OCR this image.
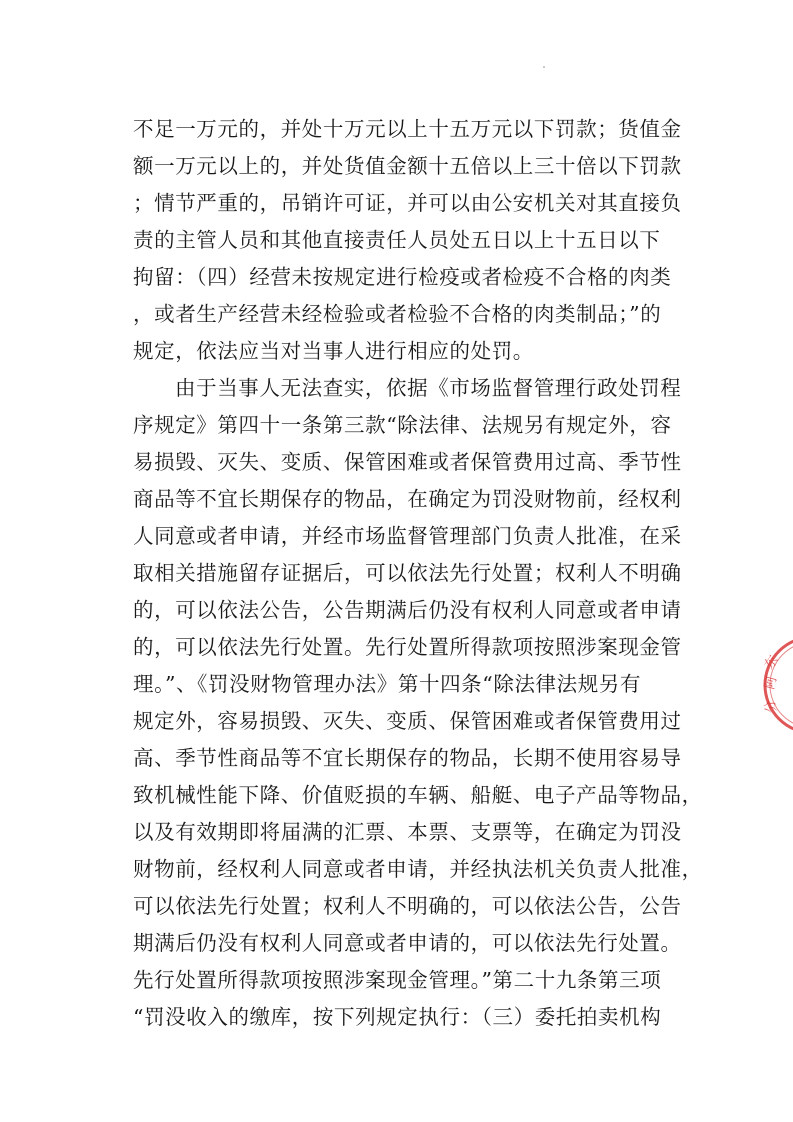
不足一万元的，并处十万元以上十五万元以下罚款；货值金
额一万元以上的，并处货值金额十五倍以上三十倍以下罚款
；情节严重的，吊销许可证，并可以由公安机关对其直接负
责的主管人员和其他直接责任人员处五日以上十五日以下
拘留：（四）经营未按规定进行检疫或者检疫不合格的肉类
，或者生产经营未经检验或者检验不合格的肉类制品；”的
规定，依法应当对当事人进行相应的处罚。
由于当事人无法查实，依据《市场监督管理行政处罚程
序规定》第四十一条第三款“除法律、法规另有规定外，容
易损毁、灭失、变质、保管困难或者保管费用过高、季节性
商品等不宜长期保存的物品，在确定为罚没财物前，经权利
人同意或者申请，并经市场监督管理部门负责人批准，在采
取相关措施留存证据后，可以依法先行处置；权利人不明确
的，可以依法公告，公告期满后仍没有权利人同意或者申请
的，可以依法先行处置。先行处置所得款项按照涉案现金管
理。”、《罚没财物管理办法》第十四条“除法律法规另有
规定外，容易损毁、灭失、变质、保管困难或者保管费用过
高、季节性商品等不宜长期保存的物品，长期不使用容易导
致机械性能下降、价值贬损的车辆、船艇、电子产品等物品，
以及有效期即将届满的汇票、本票、支票等，在确定为罚没
财物前，经权利人同意或者申请，并经执法机关负责人批准，
可以依法先行处置；权利人不明确的，可以依法公告，公告
期满后仍没有权利人同意或者申请的，可以依法先行处置。
先行处置所得款项按照涉案现金管理。”第二十九条第三项
“罚没收入的缴库，按下列规定执行：（三）委托拍卖机构
东
阿
分
